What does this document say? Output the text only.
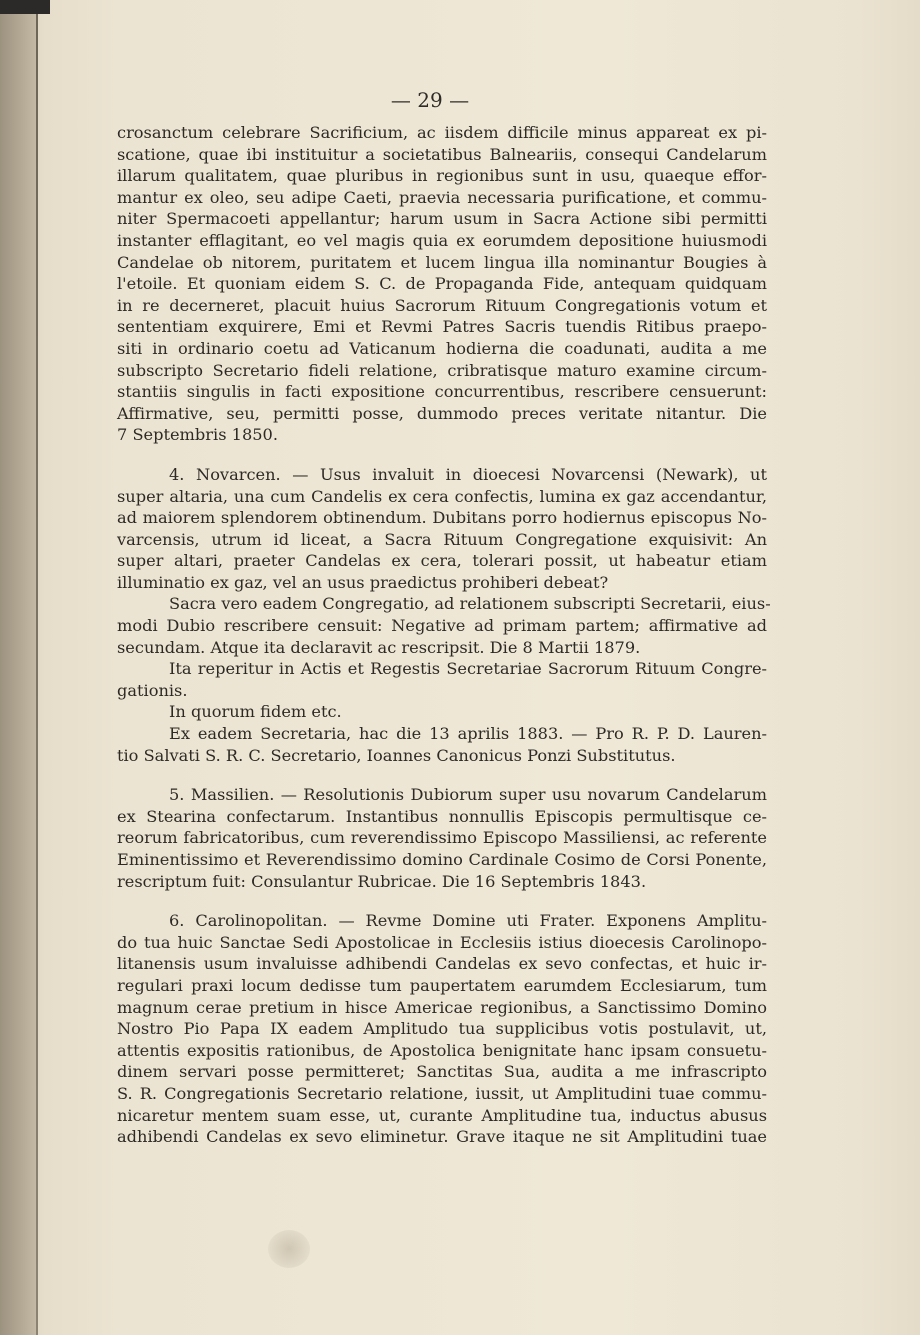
— 29 —

crosanctum celebrare Sacrificium, ac iisdem difficile minus appareat ex pi-
scatione, quae ibi instituitur a societatibus Balneariis, consequi Candelarum
illarum qualitatem, quae pluribus in regionibus sunt in usu, quaeque effor-
mantur ex oleo, seu adipe Caeti, praevia necessaria purificatione, et commu-
niter Spermacoeti appellantur; harum usum in Sacra Actione sibi permitti
instanter efflagitant, eo vel magis quia ex eorumdem depositione huiusmodi
Candelae ob nitorem, puritatem et lucem lingua illa nominantur Bougies à
l'etoile. Et quoniam eidem S. C. de Propaganda Fide, antequam quidquam
in re decerneret, placuit huius Sacrorum Rituum Congregationis votum et
sententiam exquirere, Emi et Revmi Patres Sacris tuendis Ritibus praepo-
siti in ordinario coetu ad Vaticanum hodierna die coadunati, audita a me
subscripto Secretario fideli relatione, cribratisque maturo examine circum-
stantiis singulis in facti expositione concurrentibus, rescribere censuerunt:
Affirmative, seu, permitti posse, dummodo preces veritate nitantur. Die
7 Septembris 1850.

4. Novarcen. — Usus invaluit in dioecesi Novarcensi (Newark), ut
super altaria, una cum Candelis ex cera confectis, lumina ex gaz accendantur,
ad maiorem splendorem obtinendum. Dubitans porro hodiernus episcopus No-
varcensis, utrum id liceat, a Sacra Rituum Congregatione exquisivit: An
super altari, praeter Candelas ex cera, tolerari possit, ut habeatur etiam
illuminatio ex gaz, vel an usus praedictus prohiberi debeat?
Sacra vero eadem Congregatio, ad relationem subscripti Secretarii, eius-
modi Dubio rescribere censuit: Negative ad primam partem; affirmative ad
secundam. Atque ita declaravit ac rescripsit. Die 8 Martii 1879.
Ita reperitur in Actis et Regestis Secretariae Sacrorum Rituum Congre-
gationis.
In quorum fidem etc.
Ex eadem Secretaria, hac die 13 aprilis 1883. — Pro R. P. D. Lauren-
tio Salvati S. R. C. Secretario, Ioannes Canonicus Ponzi Substitutus.

5. Massilien. — Resolutionis Dubiorum super usu novarum Candelarum
ex Stearina confectarum. Instantibus nonnullis Episcopis permultisque ce-
reorum fabricatoribus, cum reverendissimo Episcopo Massiliensi, ac referente
Eminentissimo et Reverendissimo domino Cardinale Cosimo de Corsi Ponente,
rescriptum fuit: Consulantur Rubricae. Die 16 Septembris 1843.

6. Carolinopolitan. — Revme Domine uti Frater. Exponens Amplitu-
do tua huic Sanctae Sedi Apostolicae in Ecclesiis istius dioecesis Carolinopo-
litanensis usum invaluisse adhibendi Candelas ex sevo confectas, et huic ir-
regulari praxi locum dedisse tum paupertatem earumdem Ecclesiarum, tum
magnum cerae pretium in hisce Americae regionibus, a Sanctissimo Domino
Nostro Pio Papa IX eadem Amplitudo tua supplicibus votis postulavit, ut,
attentis expositis rationibus, de Apostolica benignitate hanc ipsam consuetu-
dinem servari posse permitteret; Sanctitas Sua, audita a me infrascripto
S. R. Congregationis Secretario relatione, iussit, ut Amplitudini tuae commu-
nicaretur mentem suam esse, ut, curante Amplitudine tua, inductus abusus
adhibendi Candelas ex sevo eliminetur. Grave itaque ne sit Amplitudini tuae
